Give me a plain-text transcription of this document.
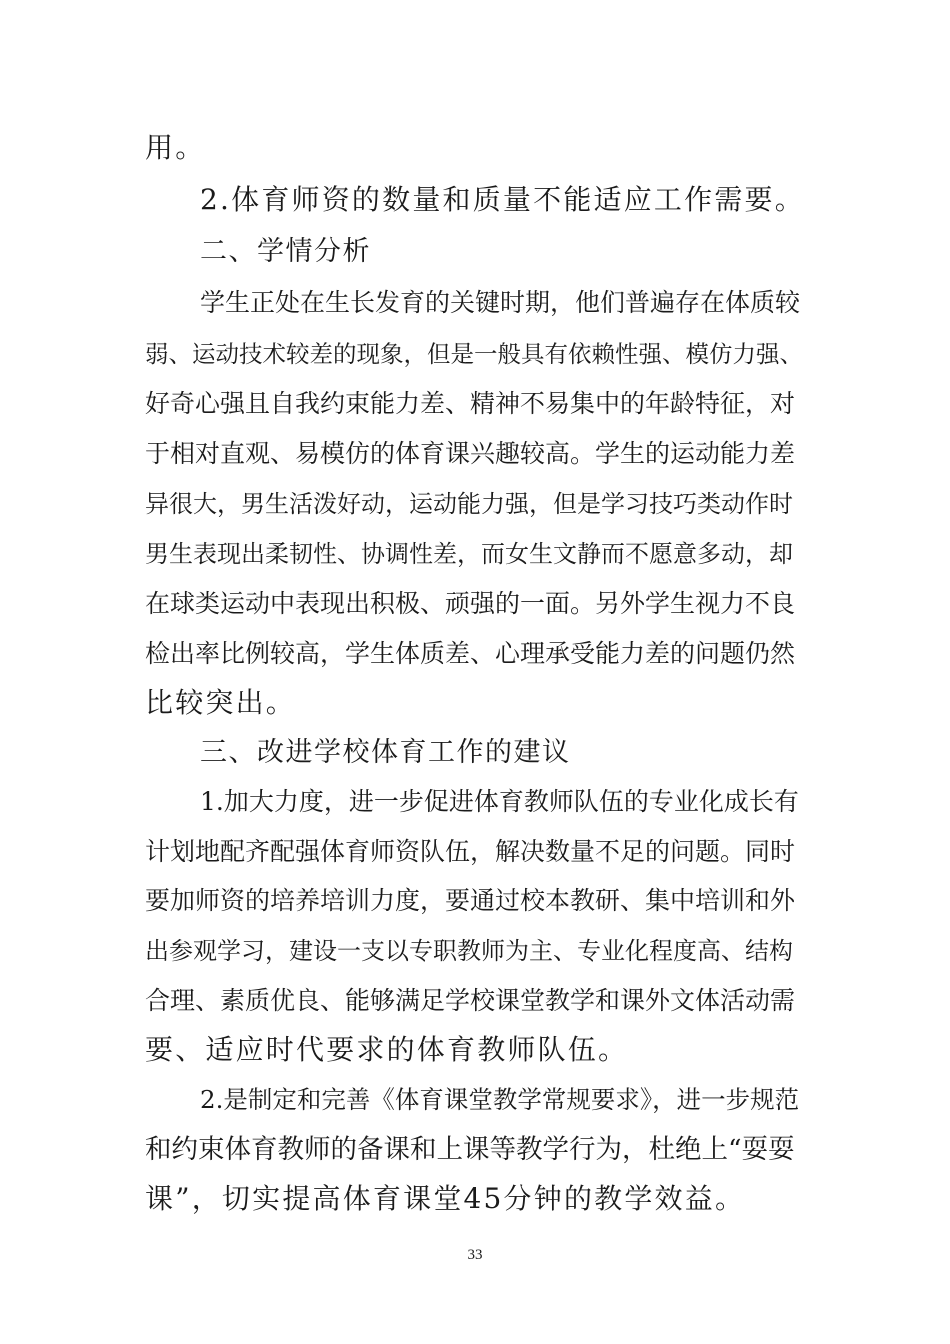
用。
2.体育师资的数量和质量不能适应工作需要。
二、学情分析
学生正处在生长发育的关键时期，他们普遍存在体质较
弱、运动技术较差的现象，但是一般具有依赖性强、模仿力强、
好奇心强且自我约束能力差、精神不易集中的年龄特征，对
于相对直观、易模仿的体育课兴趣较高。学生的运动能力差
异很大，男生活泼好动，运动能力强，但是学习技巧类动作时
男生表现出柔韧性、协调性差，而女生文静而不愿意多动，却
在球类运动中表现出积极、顽强的一面。另外学生视力不良
检出率比例较高，学生体质差、心理承受能力差的问题仍然
比较突出。
三、改进学校体育工作的建议
1.加大力度，进一步促进体育教师队伍的专业化成长有
计划地配齐配强体育师资队伍，解决数量不足的问题。同时
要加师资的培养培训力度，要通过校本教研、集中培训和外
出参观学习，建设一支以专职教师为主、专业化程度高、结构
合理、素质优良、能够满足学校课堂教学和课外文体活动需
要、适应时代要求的体育教师队伍。
2.是制定和完善《体育课堂教学常规要求》，进一步规范
和约束体育教师的备课和上课等教学行为，杜绝上“耍耍
课”，切实提高体育课堂45分钟的教学效益。
33
